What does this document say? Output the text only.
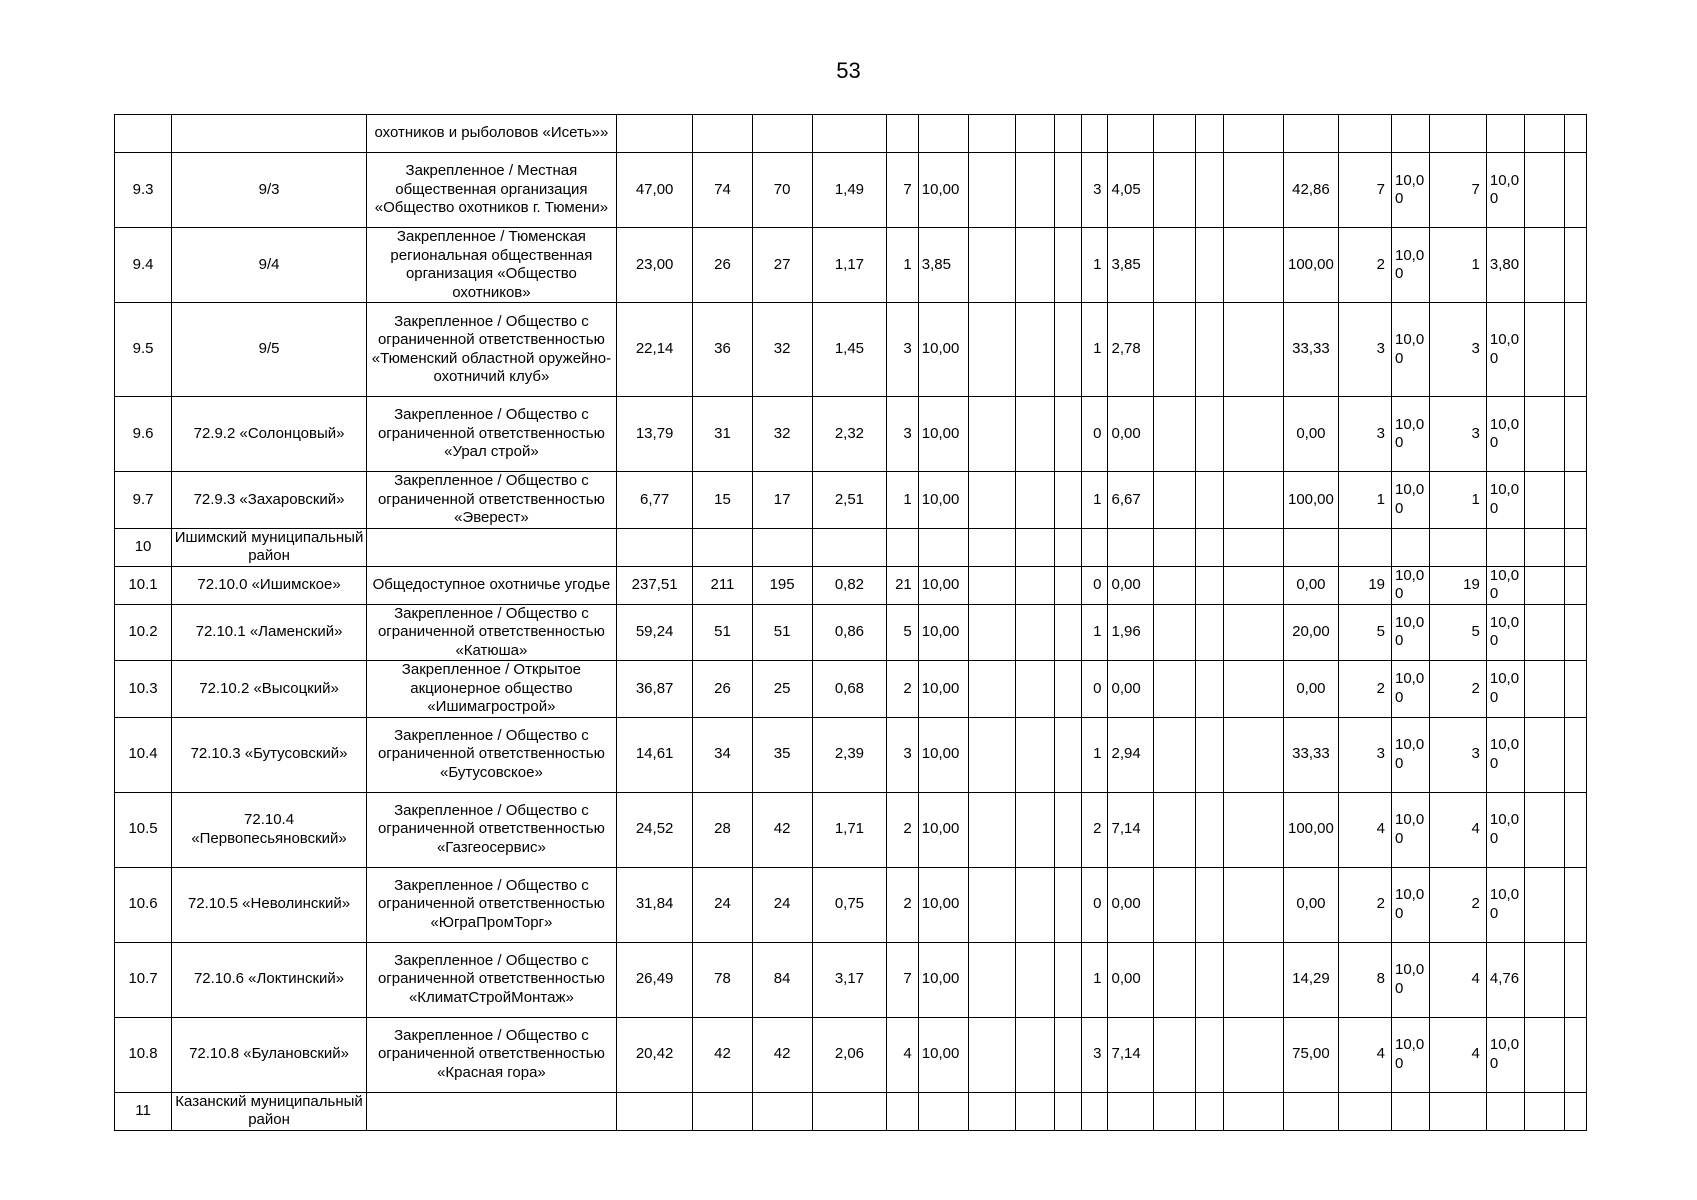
53
		охотников и рыболовов «Исеть»»																					
9.3	9/3	Закрепленное / Местная общественная организация «Общество охотников г. Тюмени»	47,00	74	70	1,49	7	10,00				3	4,05				42,86	7	10,00	7	10,00		
9.4	9/4	Закрепленное / Тюменская региональная общественная организация «Общество охотников»	23,00	26	27	1,17	1	3,85				1	3,85				100,00	2	10,00	1	3,80		
9.5	9/5	Закрепленное / Общество с ограниченной ответственностью «Тюменский областной оружейно-охотничий клуб»	22,14	36	32	1,45	3	10,00				1	2,78				33,33	3	10,00	3	10,00		
9.6	72.9.2 «Солонцовый»	Закрепленное / Общество с ограниченной ответственностью «Урал строй»	13,79	31	32	2,32	3	10,00				0	0,00				0,00	3	10,00	3	10,00		
9.7	72.9.3 «Захаровский»	Закрепленное / Общество с ограниченной ответственностью «Эверест»	6,77	15	17	2,51	1	10,00				1	6,67				100,00	1	10,00	1	10,00		
10	Ишимский муниципальный район																						
10.1	72.10.0 «Ишимское»	Общедоступное охотничье угодье	237,51	211	195	0,82	21	10,00				0	0,00				0,00	19	10,00	19	10,00		
10.2	72.10.1 «Ламенский»	Закрепленное / Общество с ограниченной ответственностью «Катюша»	59,24	51	51	0,86	5	10,00				1	1,96				20,00	5	10,00	5	10,00		
10.3	72.10.2 «Высоцкий»	Закрепленное / Открытое акционерное общество «Ишимагрострой»	36,87	26	25	0,68	2	10,00				0	0,00				0,00	2	10,00	2	10,00		
10.4	72.10.3 «Бутусовский»	Закрепленное / Общество с ограниченной ответственностью «Бутусовское»	14,61	34	35	2,39	3	10,00				1	2,94				33,33	3	10,00	3	10,00		
10.5	72.10.4 «Первопесьяновский»	Закрепленное / Общество с ограниченной ответственностью «Газгеосервис»	24,52	28	42	1,71	2	10,00				2	7,14				100,00	4	10,00	4	10,00		
10.6	72.10.5 «Неволинский»	Закрепленное / Общество с ограниченной ответственностью «ЮграПромТорг»	31,84	24	24	0,75	2	10,00				0	0,00				0,00	2	10,00	2	10,00		
10.7	72.10.6 «Локтинский»	Закрепленное / Общество с ограниченной ответственностью «КлиматСтройМонтаж»	26,49	78	84	3,17	7	10,00				1	0,00				14,29	8	10,00	4	4,76		
10.8	72.10.8 «Булановский»	Закрепленное / Общество с ограниченной ответственностью «Красная гора»	20,42	42	42	2,06	4	10,00				3	7,14				75,00	4	10,00	4	10,00		
11	Казанский муниципальный район																						
